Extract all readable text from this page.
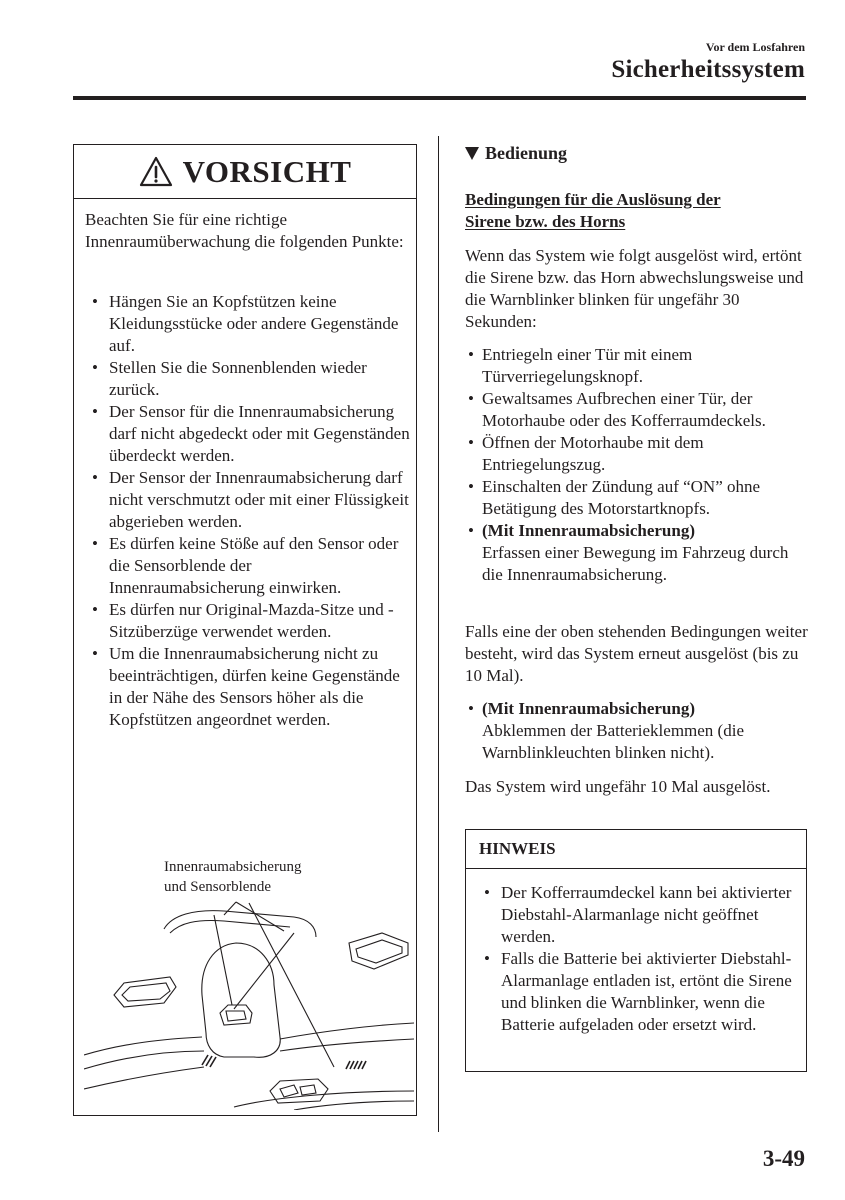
Vor dem Losfahren
Sicherheitssystem
VORSICHT
Beachten Sie für eine richtige Innenraumüberwachung die folgenden Punkte:
• Hängen Sie an Kopfstützen keine Kleidungsstücke oder andere Gegenstände auf.
• Stellen Sie die Sonnenblenden wieder zurück.
• Der Sensor für die Innenraumabsicherung darf nicht abgedeckt oder mit Gegenständen überdeckt werden.
• Der Sensor der Innenraumabsicherung darf nicht verschmutzt oder mit einer Flüssigkeit abgerieben werden.
• Es dürfen keine Stöße auf den Sensor oder die Sensorblende der Innenraumabsicherung einwirken.
• Es dürfen nur Original-Mazda-Sitze und -Sitzüberzüge verwendet werden.
• Um die Innenraumabsicherung nicht zu beeinträchtigen, dürfen keine Gegenstände in der Nähe des Sensors höher als die Kopfstützen angeordnet werden.
Innenraumabsicherung
und Sensorblende
Bedienung
Bedingungen für die Auslösung der
Sirene bzw. des Horns
Wenn das System wie folgt ausgelöst wird, ertönt die Sirene bzw. das Horn abwechslungsweise und die Warnblinker blinken für ungefähr 30 Sekunden:
• Entriegeln einer Tür mit einem Türverriegelungsknopf.
• Gewaltsames Aufbrechen einer Tür, der Motorhaube oder des Kofferraumdeckels.
• Öffnen der Motorhaube mit dem Entriegelungszug.
• Einschalten der Zündung auf “ON” ohne Betätigung des Motorstartknopfs.
• (Mit Innenraumabsicherung)
Erfassen einer Bewegung im Fahrzeug durch die Innenraumabsicherung.
Falls eine der oben stehenden Bedingungen weiter besteht, wird das System erneut ausgelöst (bis zu 10 Mal).
• (Mit Innenraumabsicherung)
Abklemmen der Batterieklemmen (die Warnblinkleuchten blinken nicht).
Das System wird ungefähr 10 Mal ausgelöst.
HINWEIS
• Der Kofferraumdeckel kann bei aktivierter Diebstahl-Alarmanlage nicht geöffnet werden.
• Falls die Batterie bei aktivierter Diebstahl-Alarmanlage entladen ist, ertönt die Sirene und blinken die Warnblinker, wenn die Batterie aufgeladen oder ersetzt wird.
3-49
